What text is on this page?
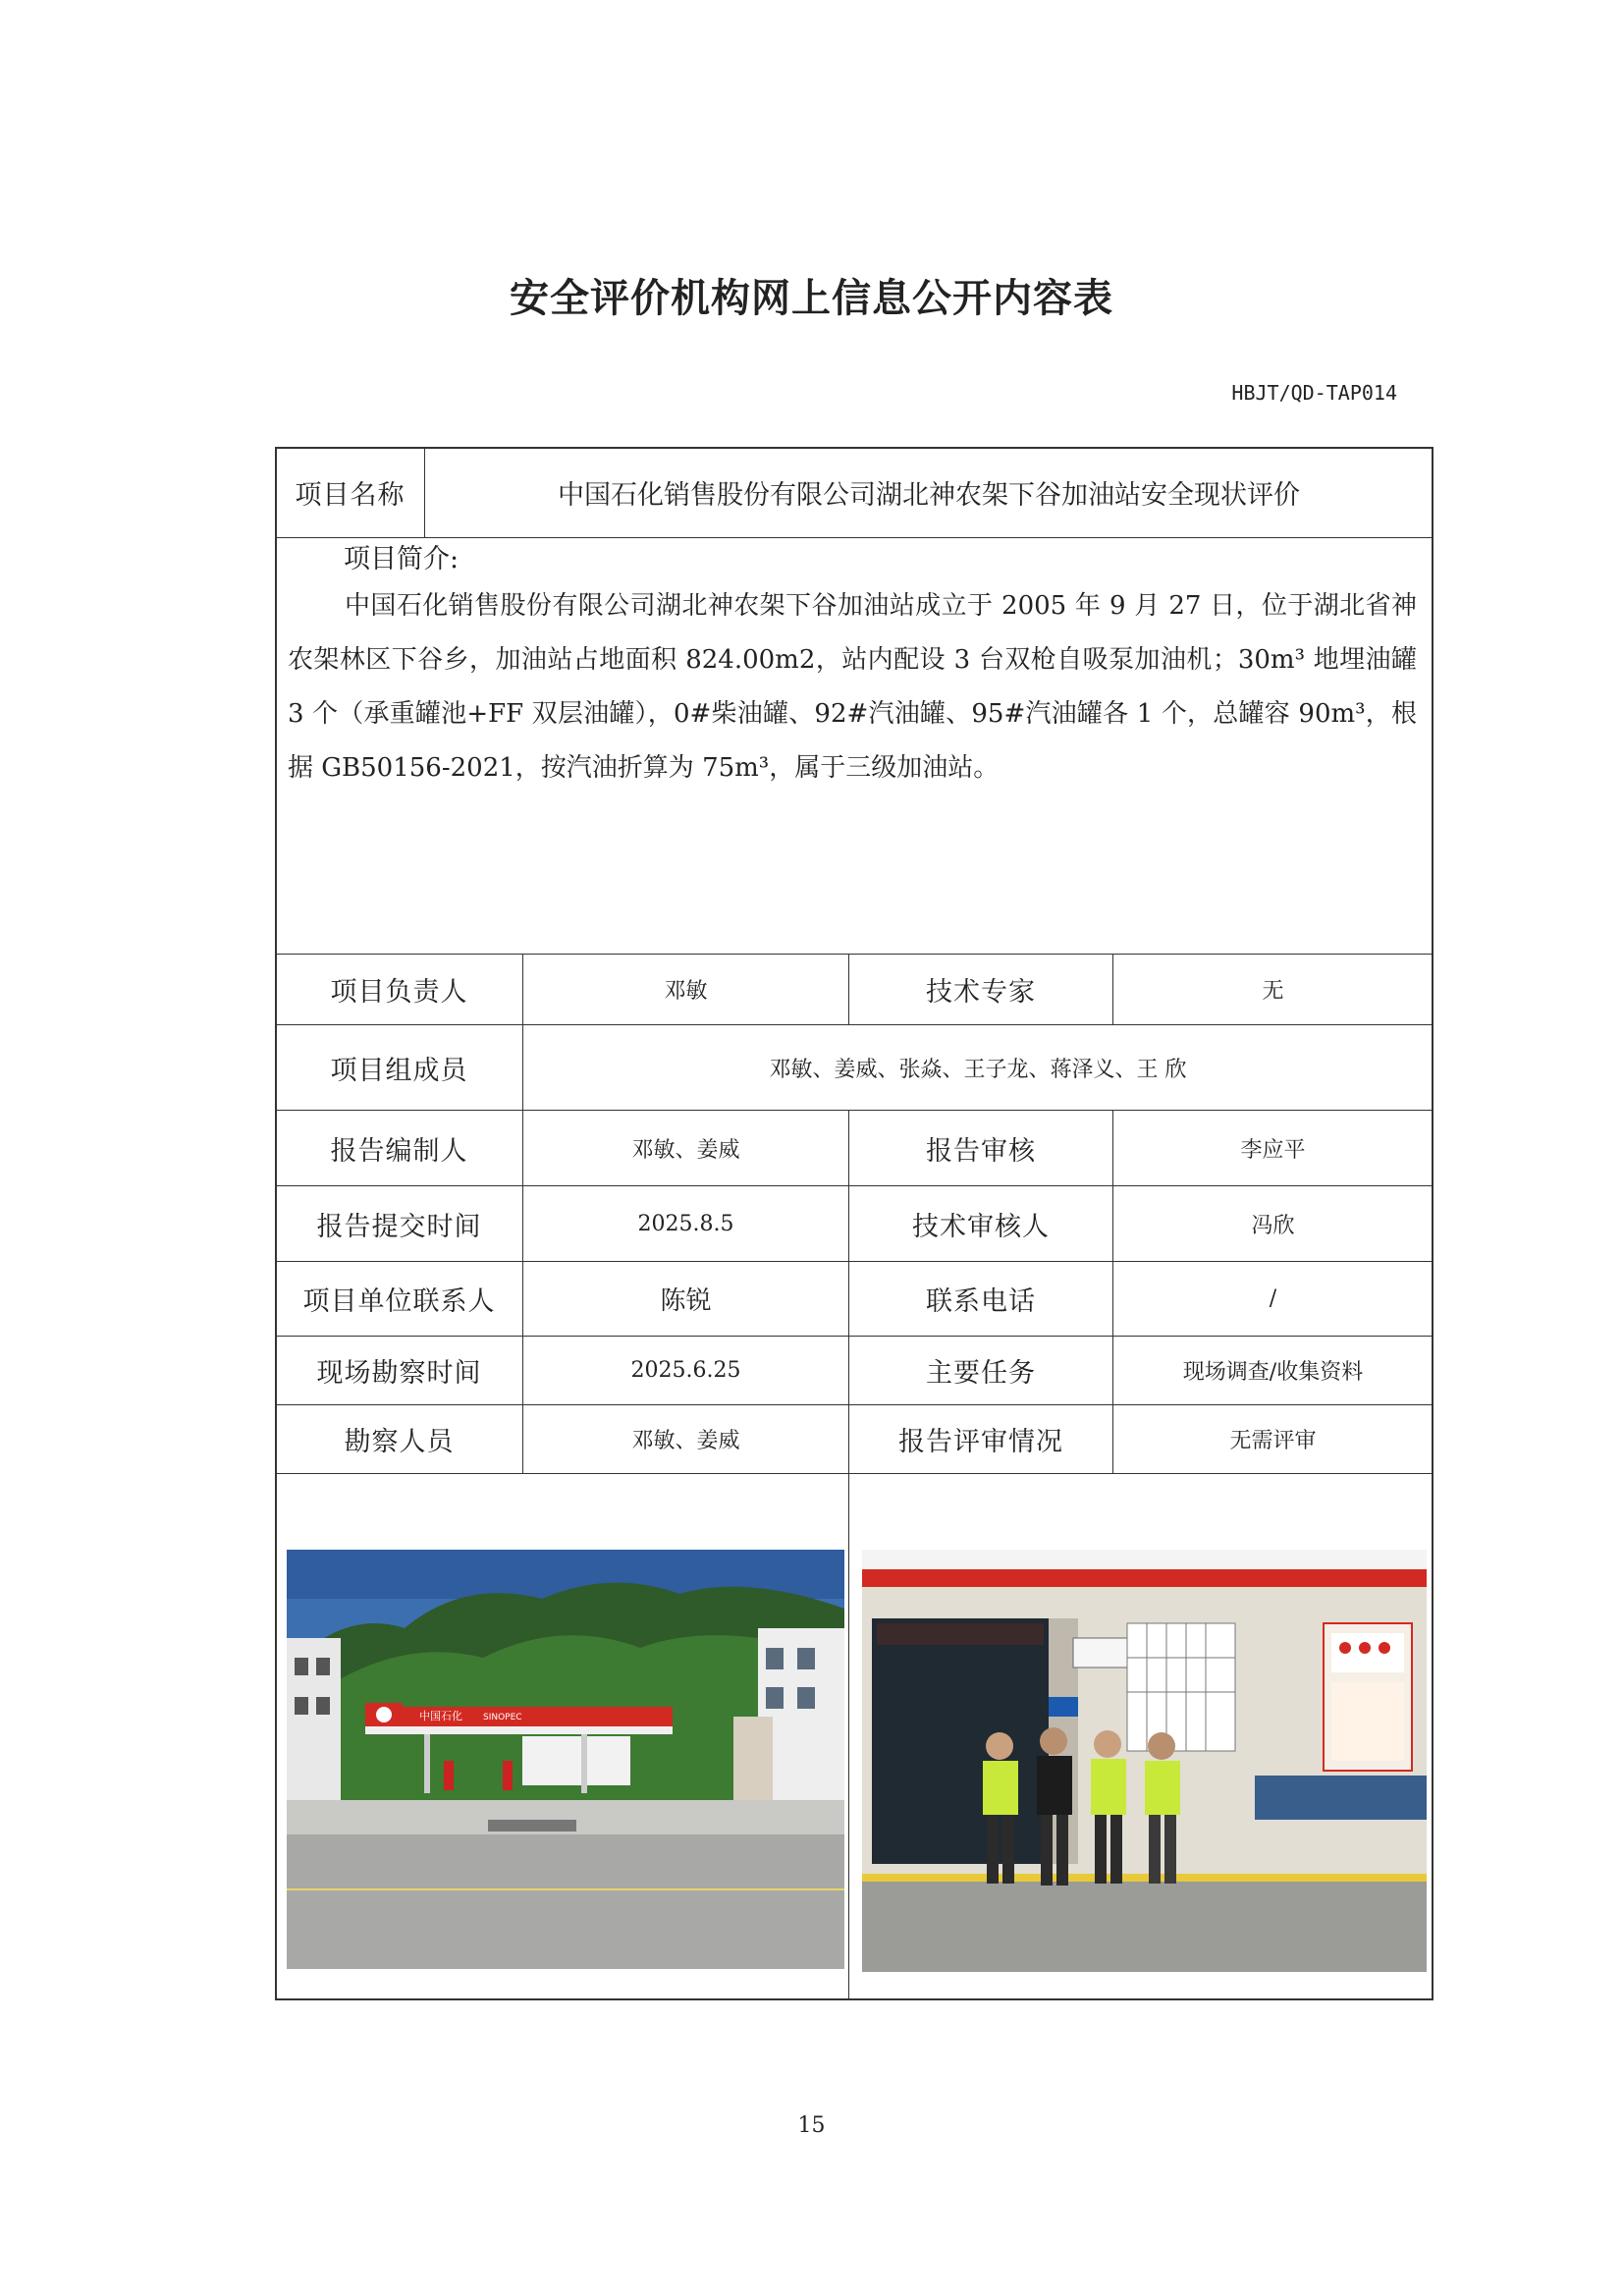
安全评价机构网上信息公开内容表
HBJT/QD-TAP014
项目名称	中国石化销售股份有限公司湖北神农架下谷加油站安全现状评价
项目简介:
中国石化销售股份有限公司湖北神农架下谷加油站成立于 2005 年 9 月 27 日，位于湖北省神农架林区下谷乡，加油站占地面积 824.00m2，站内配设 3 台双枪自吸泵加油机；30m³ 地埋油罐 3 个（承重罐池+FF 双层油罐），0#柴油罐、92#汽油罐、95#汽油罐各 1 个，总罐容 90m³，根据 GB50156-2021，按汽油折算为 75m³，属于三级加油站。
项目负责人	邓敏	技术专家	无
项目组成员	邓敏、姜威、张焱、王子龙、蒋泽义、王 欣
报告编制人	邓敏、姜威	报告审核	李应平
报告提交时间	2025.8.5	技术审核人	冯欣
项目单位联系人	陈锐	联系电话	/
现场勘察时间	2025.6.25	主要任务	现场调查/收集资料
勘察人员	邓敏、姜威	报告评审情况	无需评审
中国石化 SINOPEC
15
